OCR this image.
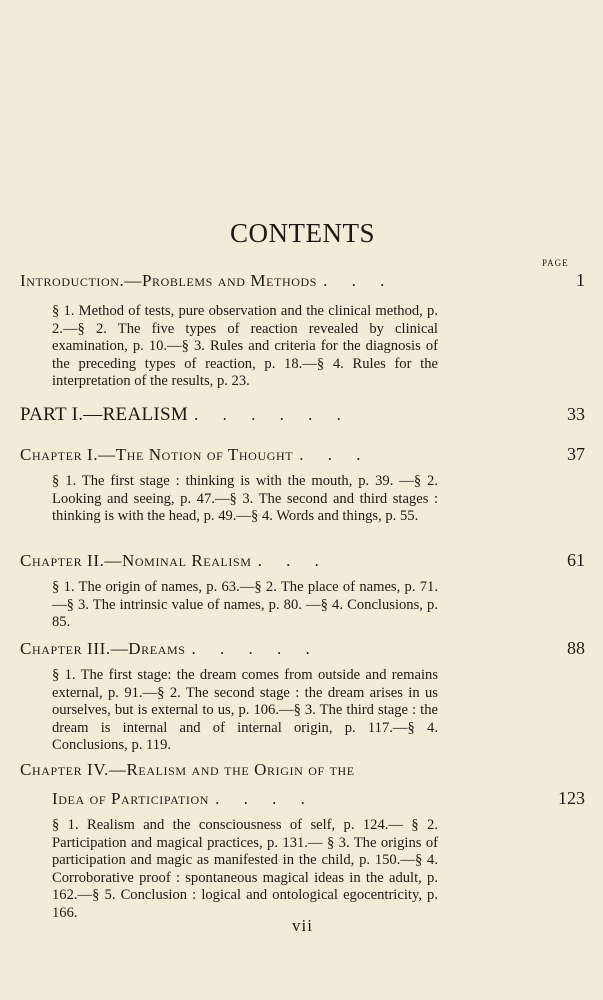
CONTENTS
PAGE
Introduction.—Problems and Methods . . .	1
§ 1. Method of tests, pure observation and the clinical method, p. 2.—§ 2. The five types of reaction revealed by clinical examination, p. 10.—§ 3. Rules and criteria for the diagnosis of the preceding types of reaction, p. 18.—§ 4. Rules for the interpretation of the results, p. 23.
PART I.—REALISM . . . . . .	33
Chapter I.—The Notion of Thought . . .	37
§ 1. The first stage : thinking is with the mouth, p. 39. —§ 2. Looking and seeing, p. 47.—§ 3. The second and third stages : thinking is with the head, p. 49.—§ 4. Words and things, p. 55.
Chapter II.—Nominal Realism . . .	61
§ 1. The origin of names, p. 63.—§ 2. The place of names, p. 71.—§ 3. The intrinsic value of names, p. 80. —§ 4. Conclusions, p. 85.
Chapter III.—Dreams . . . . .	88
§ 1. The first stage: the dream comes from outside and remains external, p. 91.—§ 2. The second stage : the dream arises in us ourselves, but is external to us, p. 106.—§ 3. The third stage : the dream is internal and of internal origin, p. 117.—§ 4. Conclusions, p. 119.
Chapter IV.—Realism and the Origin of the
Idea of Participation . . . .	123
§ 1. Realism and the consciousness of self, p. 124.— § 2. Participation and magical practices, p. 131.— § 3. The origins of participation and magic as manifested in the child, p. 150.—§ 4. Corroborative proof : spontaneous magical ideas in the adult, p. 162.—§ 5. Conclusion : logical and ontological egocentricity, p. 166.
vii
